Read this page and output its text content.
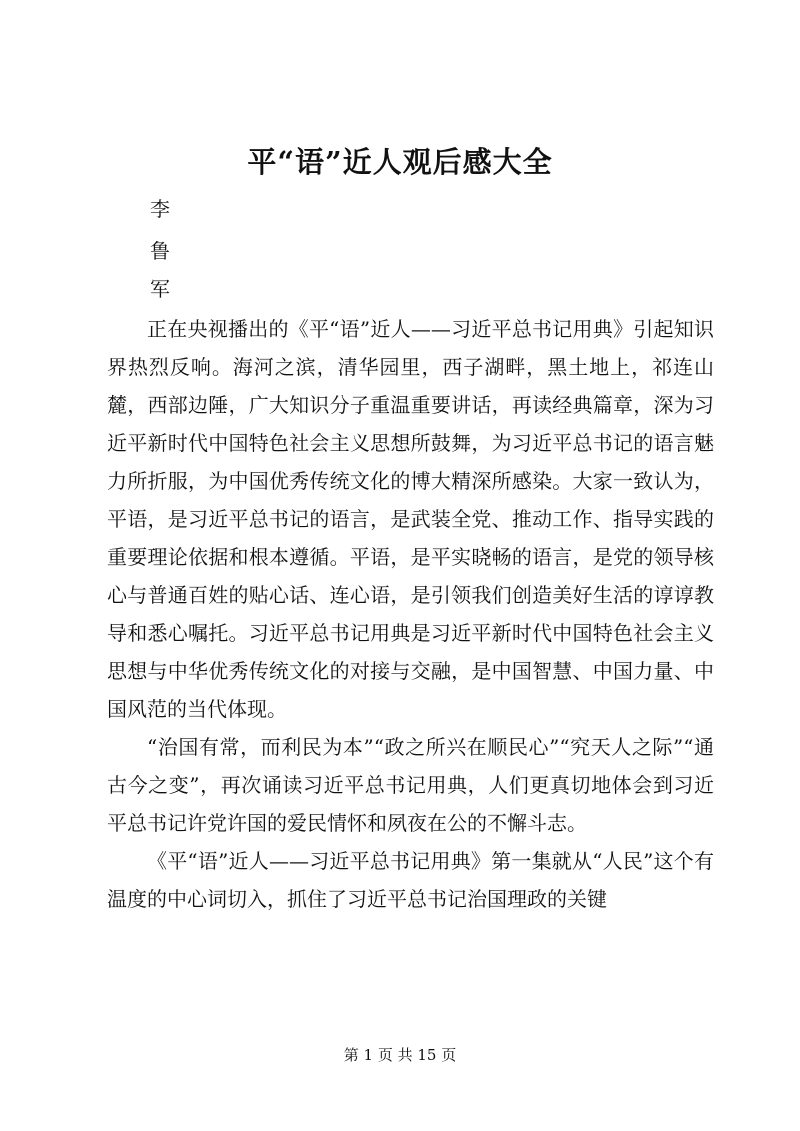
平“语”近人观后感大全
李
鲁
军

正在央视播出的《平“语”近人——习近平总书记用典》引起知识界热烈反响。海河之滨，清华园里，西子湖畔，黑土地上，祁连山麓，西部边陲，广大知识分子重温重要讲话，再读经典篇章，深为习近平新时代中国特色社会主义思想所鼓舞，为习近平总书记的语言魅力所折服，为中国优秀传统文化的博大精深所感染。大家一致认为，平语，是习近平总书记的语言，是武装全党、推动工作、指导实践的重要理论依据和根本遵循。平语，是平实晓畅的语言，是党的领导核心与普通百姓的贴心话、连心语，是引领我们创造美好生活的谆谆教导和悉心嘱托。习近平总书记用典是习近平新时代中国特色社会主义思想与中华优秀传统文化的对接与交融，是中国智慧、中国力量、中国风范的当代体现。

“治国有常，而利民为本”“政之所兴在顺民心”“究天人之际”“通古今之变”，再次诵读习近平总书记用典，人们更真切地体会到习近平总书记许党许国的爱民情怀和夙夜在公的不懈斗志。

《平“语”近人——习近平总书记用典》第一集就从“人民”这个有温度的中心词切入，抓住了习近平总书记治国理政的关键

第 1 页 共 15 页
